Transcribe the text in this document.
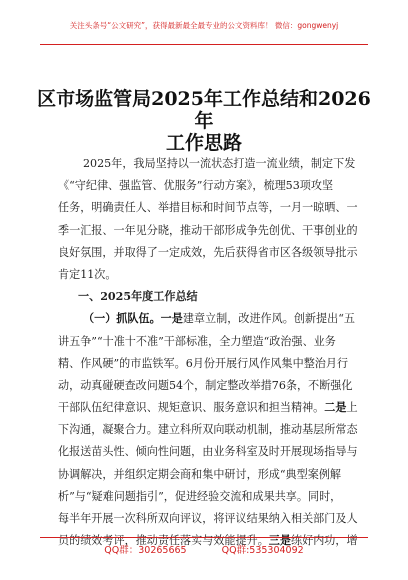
关注头条号“公文研究”，获得最新最全最专业的公文资料库！ 微信：gongwenyj
区市场监管局2025年工作总结和2026年
工作思路
2025年，我局坚持以一流状态打造一流业绩，制定下发
《“守纪律、强监管、优服务”行动方案》，梳理53项攻坚
任务，明确责任人、举措目标和时间节点等，一月一晾晒、一
季一汇报、一年见分晓，推动干部形成争先创优、干事创业的
良好氛围，并取得了一定成效，先后获得省市区各级领导批示
肯定11次。
一、2025年度工作总结
（一）抓队伍。一是建章立制，改进作风。创新提出“五
讲五争”“十准十不准”干部标准，全力塑造“政治强、业务
精、作风硬”的市监铁军。6月份开展行风作风集中整治月行
动，动真碰硬查改问题54个，制定整改举措76条，不断强化
干部队伍纪律意识、规矩意识、服务意识和担当精神。二是上
下沟通，凝聚合力。建立科所双向联动机制，推动基层所常态
化报送苗头性、倾向性问题，由业务科室及时开展现场指导与
协调解决，并组织定期会商和集中研讨，形成“典型案例解
析”与“疑难问题指引”，促进经验交流和成果共享。同时，
每半年开展一次科所双向评议，将评议结果纳入相关部门及人
员的绩效考评，推动责任落实与效能提升。三是练好内功，增
QQ群：30265665	QQ群:535304092
